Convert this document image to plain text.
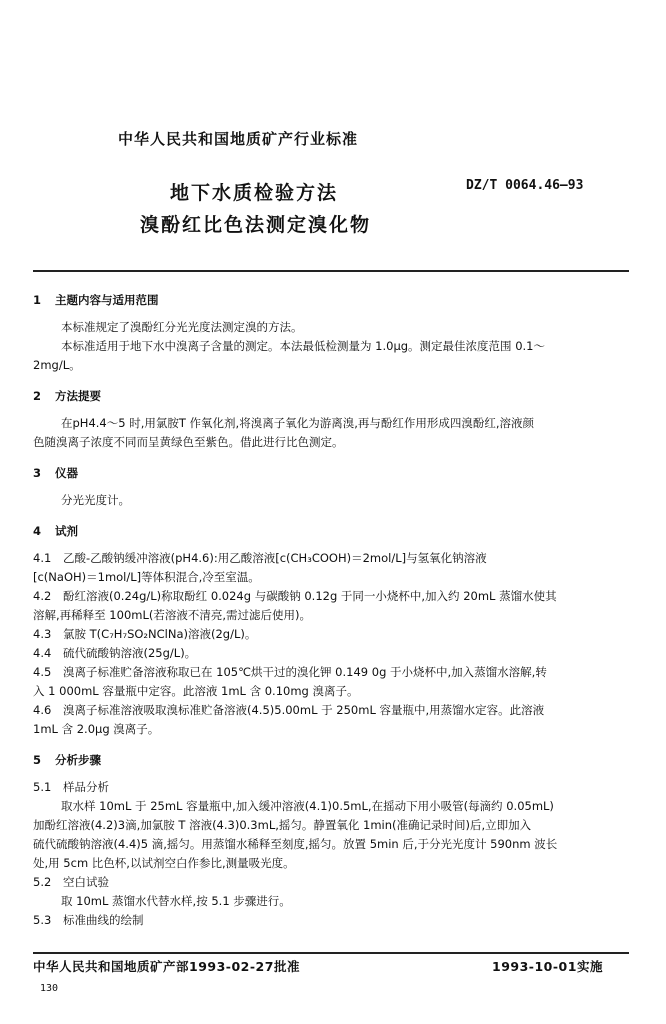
中华人民共和国地质矿产行业标准
地下水质检验方法
溴酚红比色法测定溴化物
DZ/T 0064.46—93

1 主题内容与适用范围

本标准规定了溴酚红分光光度法测定溴的方法。

本标准适用于地下水中溴离子含量的测定。本法最低检测量为 1.0μg。测定最佳浓度范围 0.1～

2mg/L。

2 方法提要

在pH4.4～5 时,用氯胺T 作氧化剂,将溴离子氧化为游离溴,再与酚红作用形成四溴酚红,溶液颜

色随溴离子浓度不同而呈黄绿色至紫色。借此进行比色测定。

3 仪器

分光光度计。

4 试剂

4.1 乙酸-乙酸钠缓冲溶液(pH4.6):用乙酸溶液[c(CH₃COOH)＝2mol/L]与氢氧化钠溶液

[c(NaOH)＝1mol/L]等体积混合,冷至室温。

4.2 酚红溶液(0.24g/L)称取酚红 0.024g 与碳酸钠 0.12g 于同一小烧杯中,加入约 20mL 蒸馏水使其

溶解,再稀释至 100mL(若溶液不清亮,需过滤后使用)。

4.3 氯胺 T(C₇H₇SO₂NClNa)溶液(2g/L)。

4.4 硫代硫酸钠溶液(25g/L)。

4.5 溴离子标准贮备溶液称取已在 105℃烘干过的溴化钾 0.149 0g 于小烧杯中,加入蒸馏水溶解,转

入 1 000mL 容量瓶中定容。此溶液 1mL 含 0.10mg 溴离子。

4.6 溴离子标准溶液吸取溴标准贮备溶液(4.5)5.00mL 于 250mL 容量瓶中,用蒸馏水定容。此溶液

1mL 含 2.0μg 溴离子。

5 分析步骤

5.1 样品分析

取水样 10mL 于 25mL 容量瓶中,加入缓冲溶液(4.1)0.5mL,在摇动下用小吸管(每滴约 0.05mL)

加酚红溶液(4.2)3滴,加氯胺 T 溶液(4.3)0.3mL,摇匀。静置氧化 1min(准确记录时间)后,立即加入

硫代硫酸钠溶液(4.4)5 滴,摇匀。用蒸馏水稀释至刻度,摇匀。放置 5min 后,于分光光度计 590nm 波长

处,用 5cm 比色杯,以试剂空白作参比,测量吸光度。

5.2 空白试验

取 10mL 蒸馏水代替水样,按 5.1 步骤进行。

5.3 标准曲线的绘制

中华人民共和国地质矿产部1993-02-27批准	1993-10-01实施
130
